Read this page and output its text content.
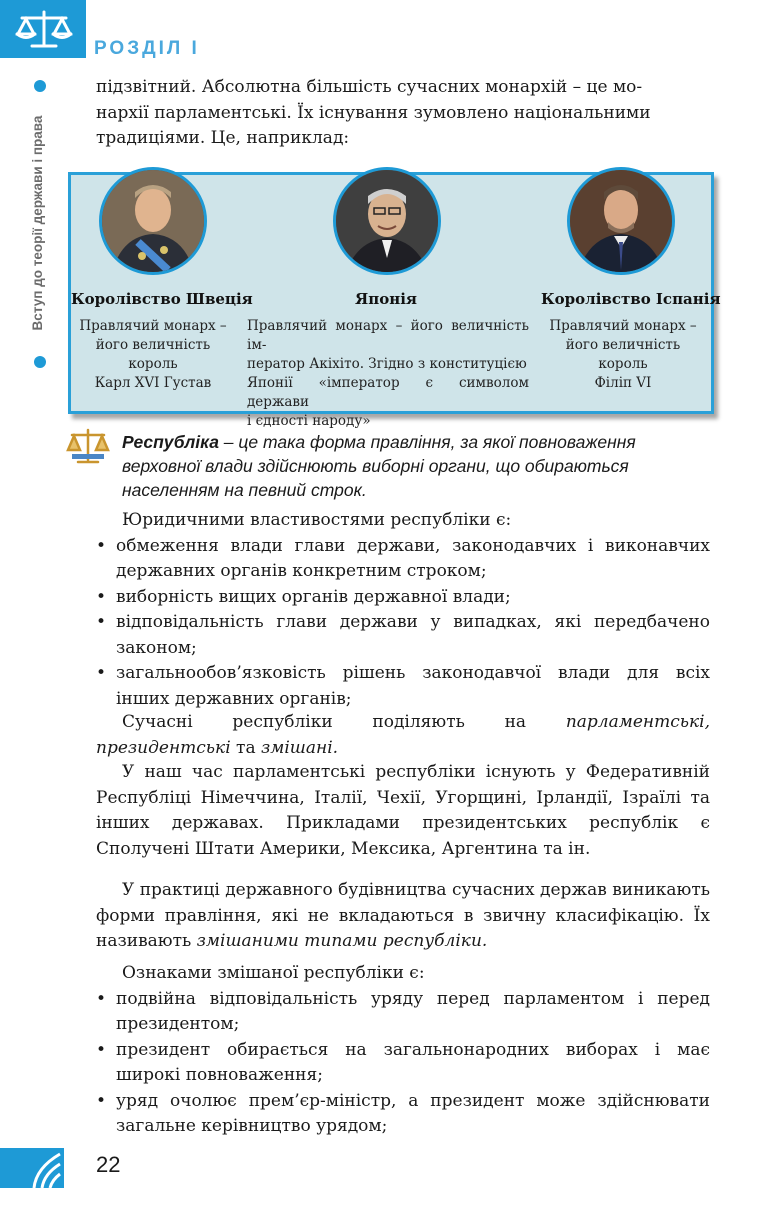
РОЗДІЛ І
Вступ до теорії держави і права

підзвітний. Абсолютна більшість сучасних монархій – це мо-

нархії парламентські. Їх існування зумовлено національними

традиціями. Це, наприклад:

Королівство Швеція
Правлячий монарх –
його величність
король
Карл XVI Густав
Японія
Правлячий монарх – його величність ім-
ператор Акіхіто. Згідно з конституцією
Японії «імператор є символом держави
і єдності народу»
Королівство Іспанія
Правлячий монарх –
його величність
король
Філіп VI
Республіка – це така форма правління, за якої повноваження верховної влади здійснюють виборні органи, що обираються населенням на певний строк.

Юридичними властивостями республіки є:

• обмеження влади глави держави, законодавчих і виконавчих державних органів конкретним строком;
• виборність вищих органів державної влади;
• відповідальність глави держави у випадках, які передбачено законом;
• загальнообов’язковість рішень законодавчої влади для всіх інших державних органів;

Сучасні республіки поділяють на парламентські, президентські та змішані.

У наш час парламентські республіки існують у Федеративній Республіці Німеччина, Італії, Чехії, Угорщині, Ірландії, Ізраїлі та інших державах. Прикладами президентських республік є Сполучені Штати Америки, Мексика, Аргентина та ін.

У практиці державного будівництва сучасних держав виникають форми правління, які не вкладаються в звичну класифікацію. Їх називають змішаними типами республіки.

Ознаками змішаної республіки є:

• подвійна відповідальність уряду перед парламентом і перед президентом;
• президент обирається на загальнонародних виборах і має широкі повноваження;
• уряд очолює прем’єр-міністр, а президент може здійснювати загальне керівництво урядом;
22
